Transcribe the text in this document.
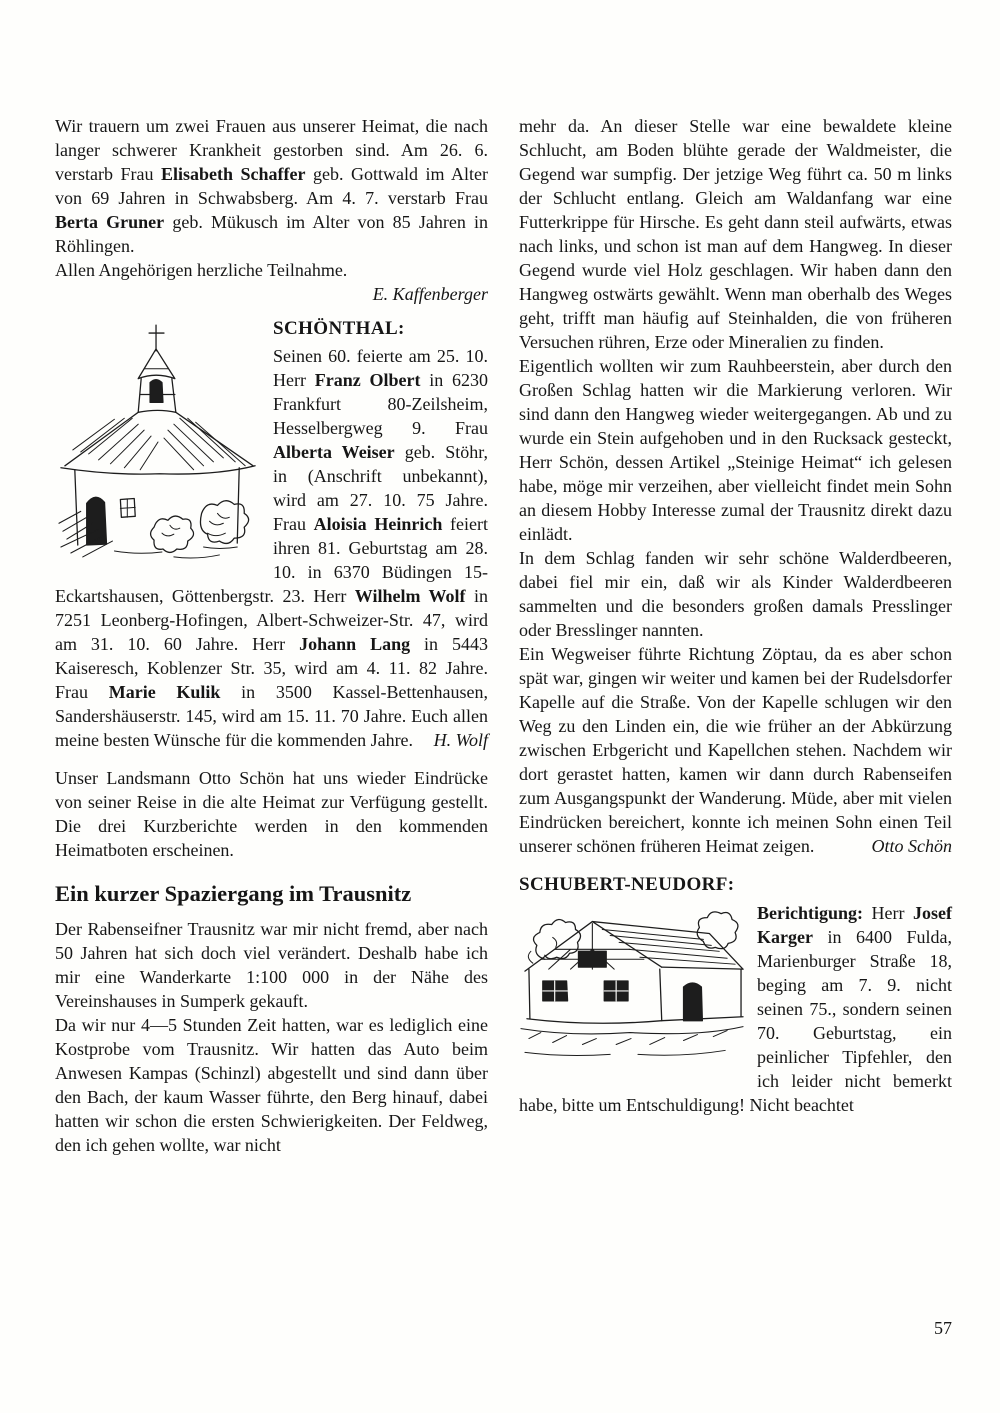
Wir trauern um zwei Frauen aus unserer Heimat, die nach langer schwerer Krankheit gestorben sind. Am 26. 6. verstarb Frau Elisabeth Schaffer geb. Gottwald im Alter von 69 Jahren in Schwabsberg. Am 4. 7. verstarb Frau Berta Gruner geb. Mükusch im Alter von 85 Jahren in Röhlingen.

Allen Angehörigen herzliche Teilnahme.

E. Kaffenberger

SCHÖNTHAL:

Seinen 60. feierte am 25. 10. Herr Franz Olbert in 6230 Frankfurt 80-Zeilsheim, Hesselbergweg 9. Frau Alberta Weiser geb. Stöhr, in (Anschrift unbekannt), wird am 27. 10. 75 Jahre. Frau Aloisia Heinrich feiert ihren 81. Geburtstag am 28. 10. in 6370 Büdingen 15-Eckartshausen, Göttenbergstr. 23. Herr Wilhelm Wolf in 7251 Leonberg-Hofingen, Albert-Schweizer-Str. 47, wird am 31. 10. 60 Jahre. Herr Johann Lang in 5443 Kaiseresch, Koblenzer Str. 35, wird am 4. 11. 82 Jahre. Frau Marie Kulik in 3500 Kassel-Bettenhausen, Sandershäuserstr. 145, wird am 15. 11. 70 Jahre. Euch allen meine besten Wünsche für die kommenden Jahre.	H. Wolf

Unser Landsmann Otto Schön hat uns wieder Eindrücke von seiner Reise in die alte Heimat zur Verfügung gestellt. Die drei Kurzberichte werden in den kommenden Heimatboten erscheinen.

Ein kurzer Spaziergang im Trausnitz

Der Rabenseifner Trausnitz war mir nicht fremd, aber nach 50 Jahren hat sich doch viel verändert. Deshalb habe ich mir eine Wanderkarte 1:100 000 in der Nähe des Vereinshauses in Sumperk gekauft.

Da wir nur 4—5 Stunden Zeit hatten, war es lediglich eine Kostprobe vom Trausnitz. Wir hatten das Auto beim Anwesen Kampas (Schinzl) abgestellt und sind dann über den Bach, der kaum Wasser führte, den Berg hinauf, dabei hatten wir schon die ersten Schwierigkeiten. Der Feldweg, den ich gehen wollte, war nicht

mehr da. An dieser Stelle war eine bewaldete kleine Schlucht, am Boden blühte gerade der Waldmeister, die Gegend war sumpfig. Der jetzige Weg führt ca. 50 m links der Schlucht entlang. Gleich am Waldanfang war eine Futterkrippe für Hirsche. Es geht dann steil aufwärts, etwas nach links, und schon ist man auf dem Hangweg. In dieser Gegend wurde viel Holz geschlagen. Wir haben dann den Hangweg ostwärts gewählt. Wenn man oberhalb des Weges geht, trifft man häufig auf Steinhalden, die von früheren Versuchen rühren, Erze oder Mineralien zu finden.

Eigentlich wollten wir zum Rauhbeerstein, aber durch den Großen Schlag hatten wir die Markierung verloren. Wir sind dann den Hangweg wieder weitergegangen. Ab und zu wurde ein Stein aufgehoben und in den Rucksack gesteckt, Herr Schön, dessen Artikel „Steinige Heimat“ ich gelesen habe, möge mir verzeihen, aber vielleicht findet mein Sohn an diesem Hobby Interesse zumal der Trausnitz direkt dazu einlädt.

In dem Schlag fanden wir sehr schöne Walderdbeeren, dabei fiel mir ein, daß wir als Kinder Walderdbeeren sammelten und die besonders großen damals Presslinger oder Bresslinger nannten.

Ein Wegweiser führte Richtung Zöptau, da es aber schon spät war, gingen wir weiter und kamen bei der Rudelsdorfer Kapelle auf die Straße. Von der Kapelle schlugen wir den Weg zu den Linden ein, die wie früher an der Abkürzung zwischen Erbgericht und Kapellchen stehen. Nachdem wir dort gerastet hatten, kamen wir dann durch Rabenseifen zum Ausgangspunkt der Wanderung. Müde, aber mit vielen Eindrücken bereichert, konnte ich meinen Sohn einen Teil unserer schönen früheren Heimat zeigen.	Otto Schön
SCHUBERT-NEUDORF:

Berichtigung: Herr Josef Karger in 6400 Fulda, Marienburger Straße 18, beging am 7. 9. nicht seinen 75., sondern seinen 70. Geburtstag, ein peinlicher Tipfehler, den ich leider nicht bemerkt habe, bitte um Entschuldigung! Nicht beachtet

57
